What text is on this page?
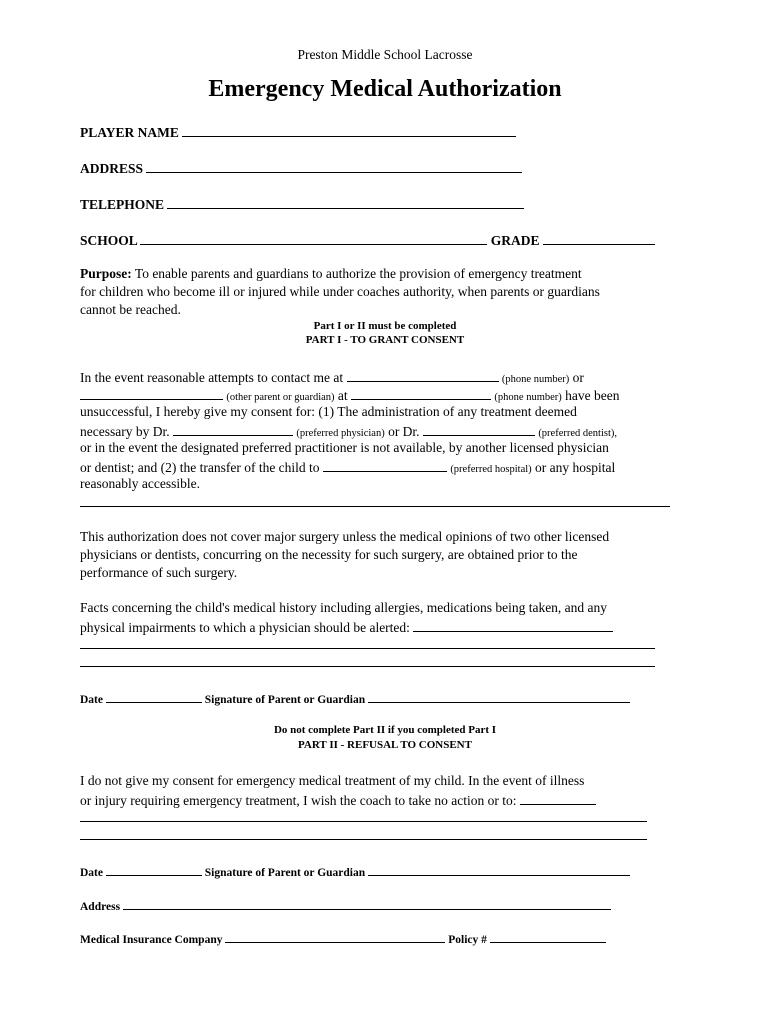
Preston Middle School Lacrosse
Emergency Medical Authorization
PLAYER NAME
ADDRESS
TELEPHONE
SCHOOL	GRADE
Purpose: To enable parents and guardians to authorize the provision of emergency treatment
for children who become ill or injured while under coaches authority, when parents or guardians
cannot be reached.
Part I or II must be completed
PART I - TO GRANT CONSENT
In the event reasonable attempts to contact me at	(phone number) or
(other parent or guardian) at	(phone number) have been
unsuccessful, I hereby give my consent for: (1) The administration of any treatment deemed
necessary by Dr.	(preferred physician) or Dr.	(preferred dentist),
or in the event the designated preferred practitioner is not available, by another licensed physician
or dentist; and (2) the transfer of the child to	(preferred hospital) or any hospital
reasonably accessible.
This authorization does not cover major surgery unless the medical opinions of two other licensed
physicians or dentists, concurring on the necessity for such surgery, are obtained prior to the
performance of such surgery.
Facts concerning the child's medical history including allergies, medications being taken, and any
physical impairments to which a physician should be alerted:
Date	Signature of Parent or Guardian
Do not complete Part II if you completed Part I
PART II - REFUSAL TO CONSENT
I do not give my consent for emergency medical treatment of my child. In the event of illness
or injury requiring emergency treatment, I wish the coach to take no action or to:
Date	Signature of Parent or Guardian
Address
Medical Insurance Company	Policy #
